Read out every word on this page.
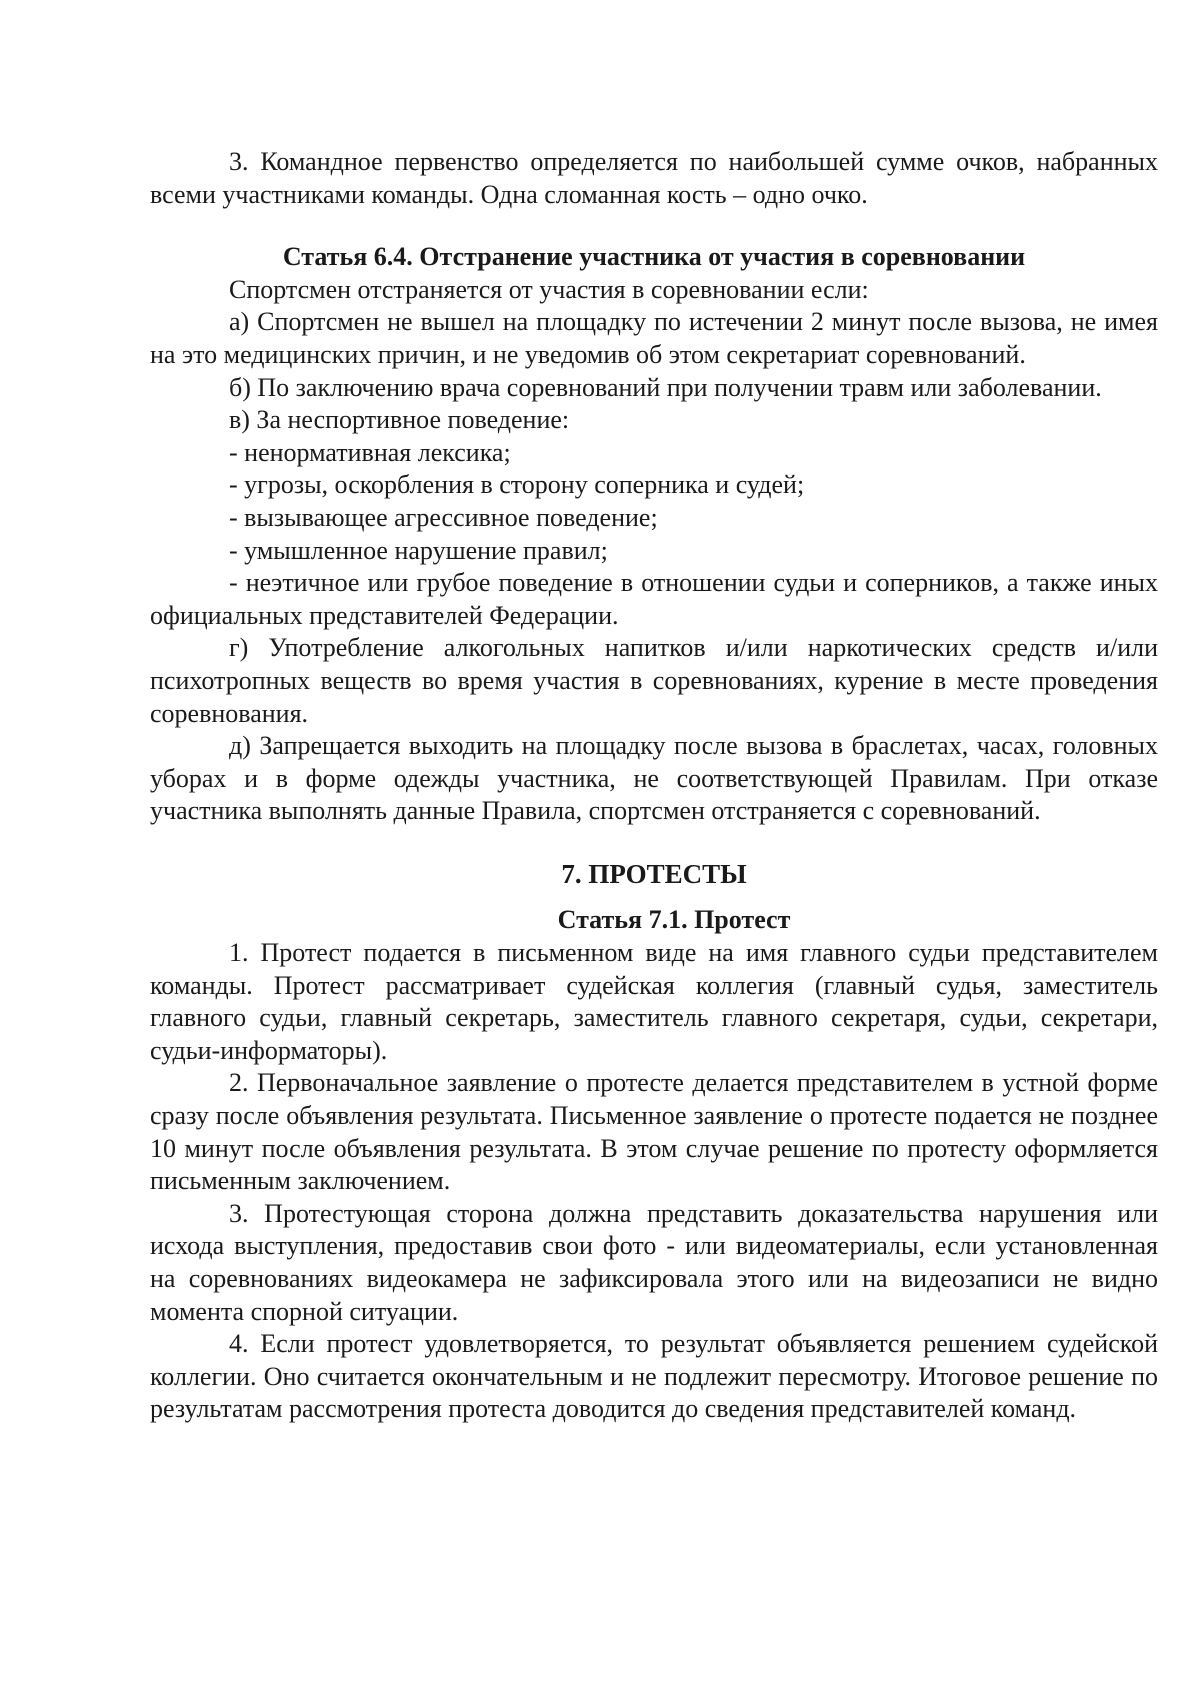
3. Командное первенство определяется по наибольшей сумме очков, набранных всеми участниками команды. Одна сломанная кость – одно очко.

Статья 6.4. Отстранение участника от участия в соревновании

Спортсмен отстраняется от участия в соревновании если:

а) Спортсмен не вышел на площадку по истечении 2 минут после вызова, не имея на это медицинских причин, и не уведомив об этом секретариат соревнований.

б) По заключению врача соревнований при получении травм или заболевании.

в) За неспортивное поведение:

- ненормативная лексика;

- угрозы, оскорбления в сторону соперника и судей;

- вызывающее агрессивное поведение;

- умышленное нарушение правил;

- неэтичное или грубое поведение в отношении судьи и соперников, а также иных официальных представителей Федерации.

г) Употребление алкогольных напитков и/или наркотических средств и/или психотропных веществ во время участия в соревнованиях, курение в месте проведения соревнования.

д) Запрещается выходить на площадку после вызова в браслетах, часах, головных уборах и в форме одежды участника, не соответствующей Правилам. При отказе участника выполнять данные Правила, спортсмен отстраняется с соревнований.

7. ПРОТЕСТЫ

Статья 7.1. Протест

1. Протест подается в письменном виде на имя главного судьи представителем команды. Протест рассматривает судейская коллегия (главный судья, заместитель главного судьи, главный секретарь, заместитель главного секретаря, судьи, секретари, судьи-информаторы).

2. Первоначальное заявление о протесте делается представителем в устной форме сразу после объявления результата. Письменное заявление о протесте подается не позднее 10 минут после объявления результата. В этом случае решение по протесту оформляется письменным заключением.

3. Протестующая сторона должна представить доказательства нарушения или исхода выступления, предоставив свои фото - или видеоматериалы, если установленная на соревнованиях видеокамера не зафиксировала этого или на видеозаписи не видно момента спорной ситуации.

4. Если протест удовлетворяется, то результат объявляется решением судейской коллегии. Оно считается окончательным и не подлежит пересмотру. Итоговое решение по результатам рассмотрения протеста доводится до сведения представителей команд.
